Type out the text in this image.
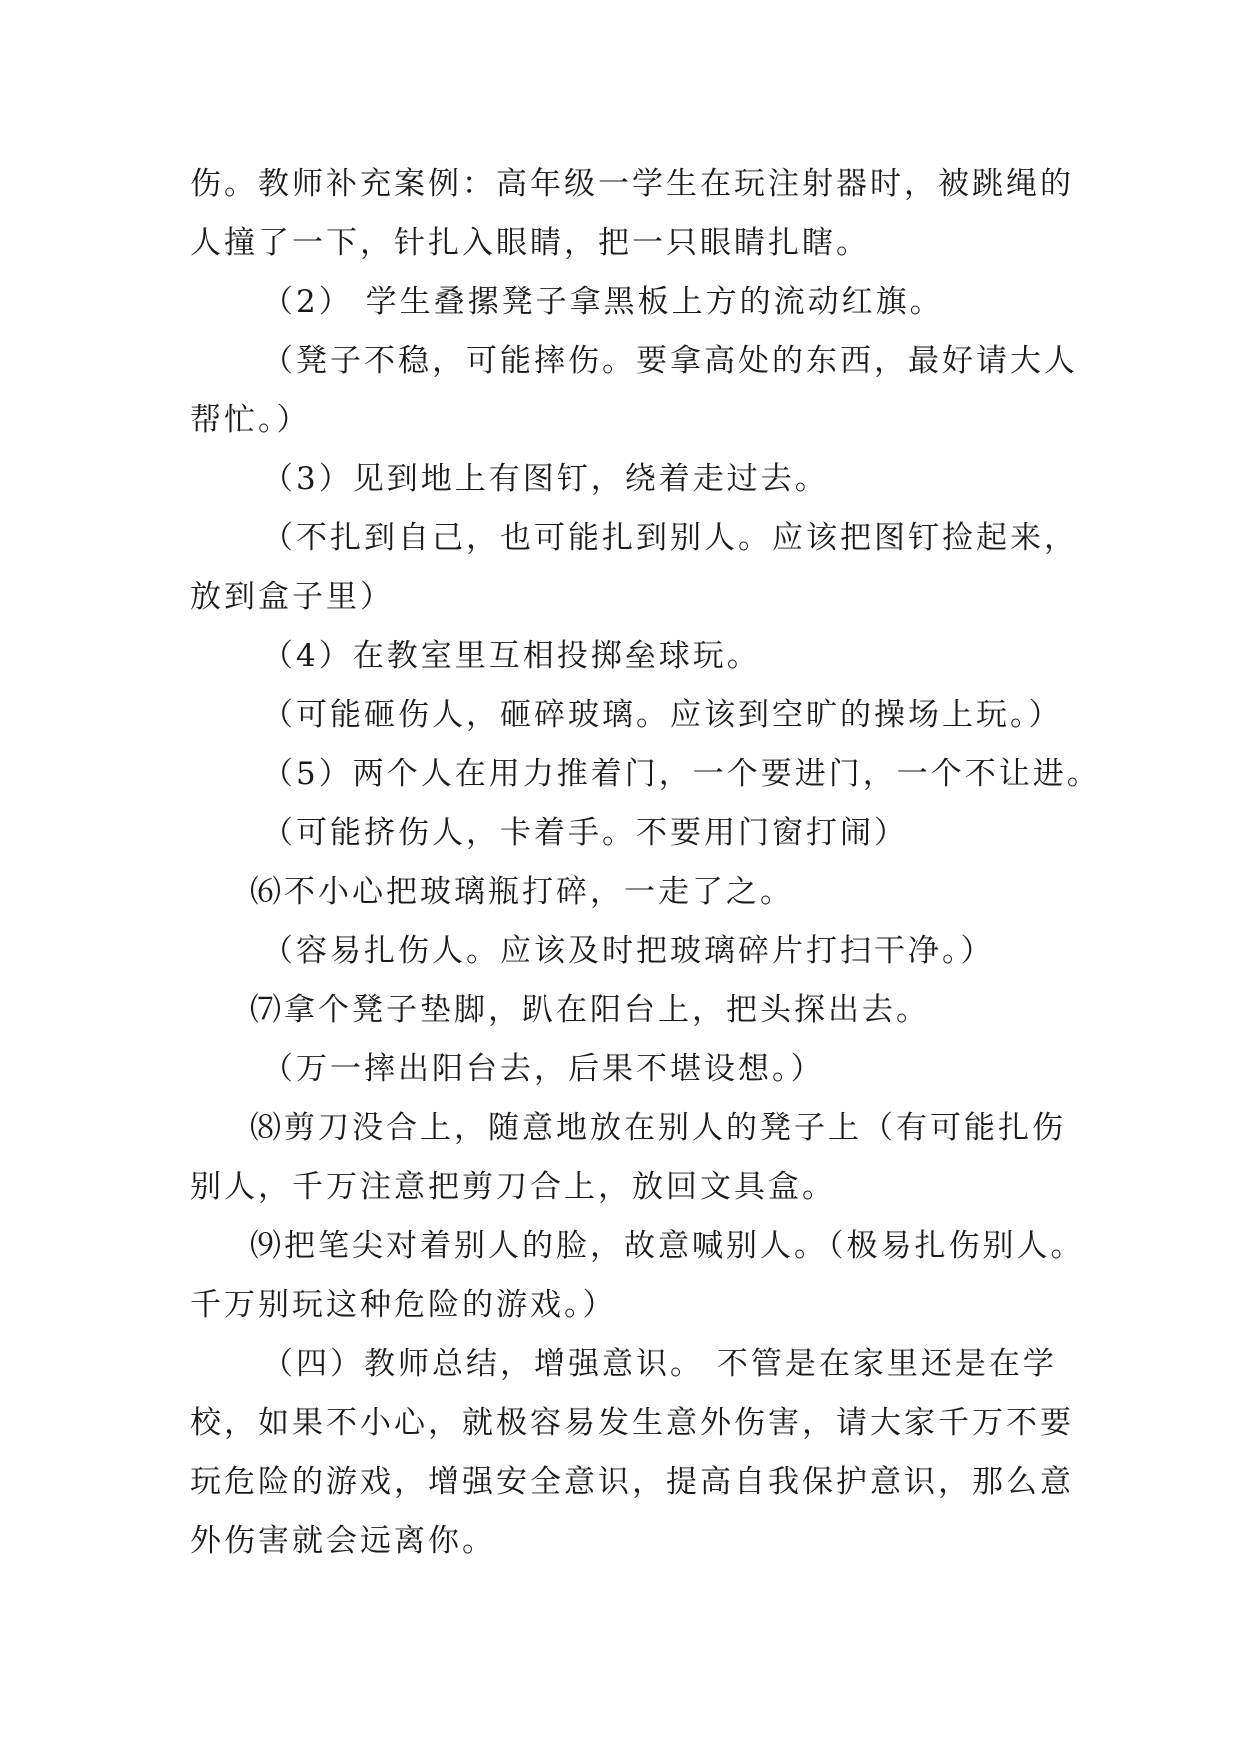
伤。教师补充案例：高年级一学生在玩注射器时，被跳绳的
人撞了一下，针扎入眼睛，把一只眼睛扎瞎。
（2） 学生叠摞凳子拿黑板上方的流动红旗。
（凳子不稳，可能摔伤。要拿高处的东西，最好请大人
帮忙。）
（3）见到地上有图钉，绕着走过去。
（不扎到自己，也可能扎到别人。应该把图钉捡起来，
放到盒子里）
（4）在教室里互相投掷垒球玩。
（可能砸伤人，砸碎玻璃。应该到空旷的操场上玩。）
（5）两个人在用力推着门，一个要进门，一个不让进。
（可能挤伤人，卡着手。不要用门窗打闹）
⑹不小心把玻璃瓶打碎，一走了之。
（容易扎伤人。应该及时把玻璃碎片打扫干净。）
⑺拿个凳子垫脚，趴在阳台上，把头探出去。
（万一摔出阳台去，后果不堪设想。）
⑻剪刀没合上，随意地放在别人的凳子上（有可能扎伤
别人，千万注意把剪刀合上，放回文具盒。
⑼把笔尖对着别人的脸，故意喊别人。（极易扎伤别人。
千万别玩这种危险的游戏。）
（四）教师总结，增强意识。 不管是在家里还是在学
校，如果不小心，就极容易发生意外伤害，请大家千万不要
玩危险的游戏，增强安全意识，提高自我保护意识，那么意
外伤害就会远离你。
